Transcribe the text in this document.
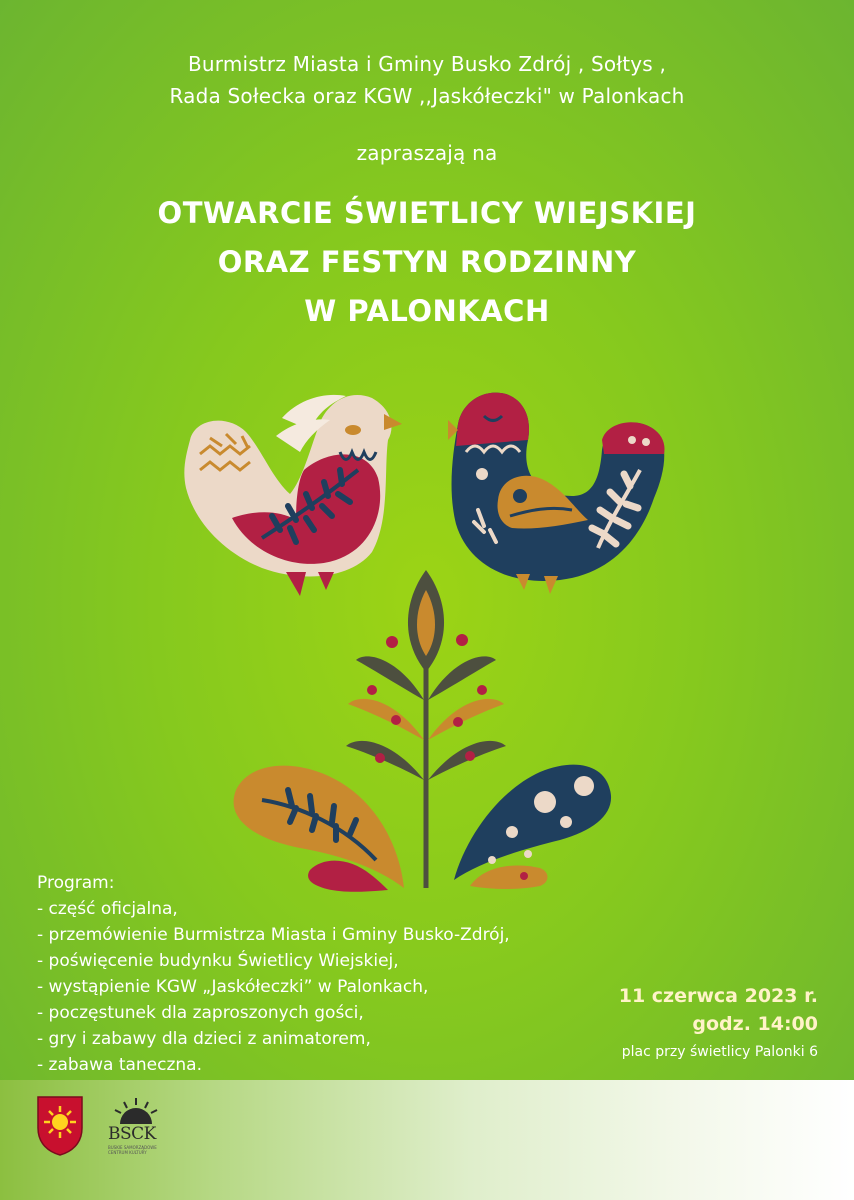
Burmistrz Miasta i Gminy Busko Zdrój , Sołtys ,
Rada Sołecka oraz KGW ,,Jaskółeczki" w Palonkach
zapraszają na
OTWARCIE ŚWIETLICY WIEJSKIEJ
ORAZ FESTYN RODZINNY
W PALONKACH
Program:
- część oficjalna,
- przemówienie Burmistrza Miasta i Gminy Busko-Zdrój,
- poświęcenie budynku Świetlicy Wiejskiej,
- wystąpienie KGW „Jaskółeczki” w Palonkach,
- poczęstunek dla zaproszonych gości,
- gry i zabawy dla dzieci z animatorem,
- zabawa taneczna.
11 czerwca 2023 r.
godz. 14:00
plac przy świetlicy Palonki 6
BSCK
BUSKIE SAMORZĄDOWE CENTRUM KULTURY
